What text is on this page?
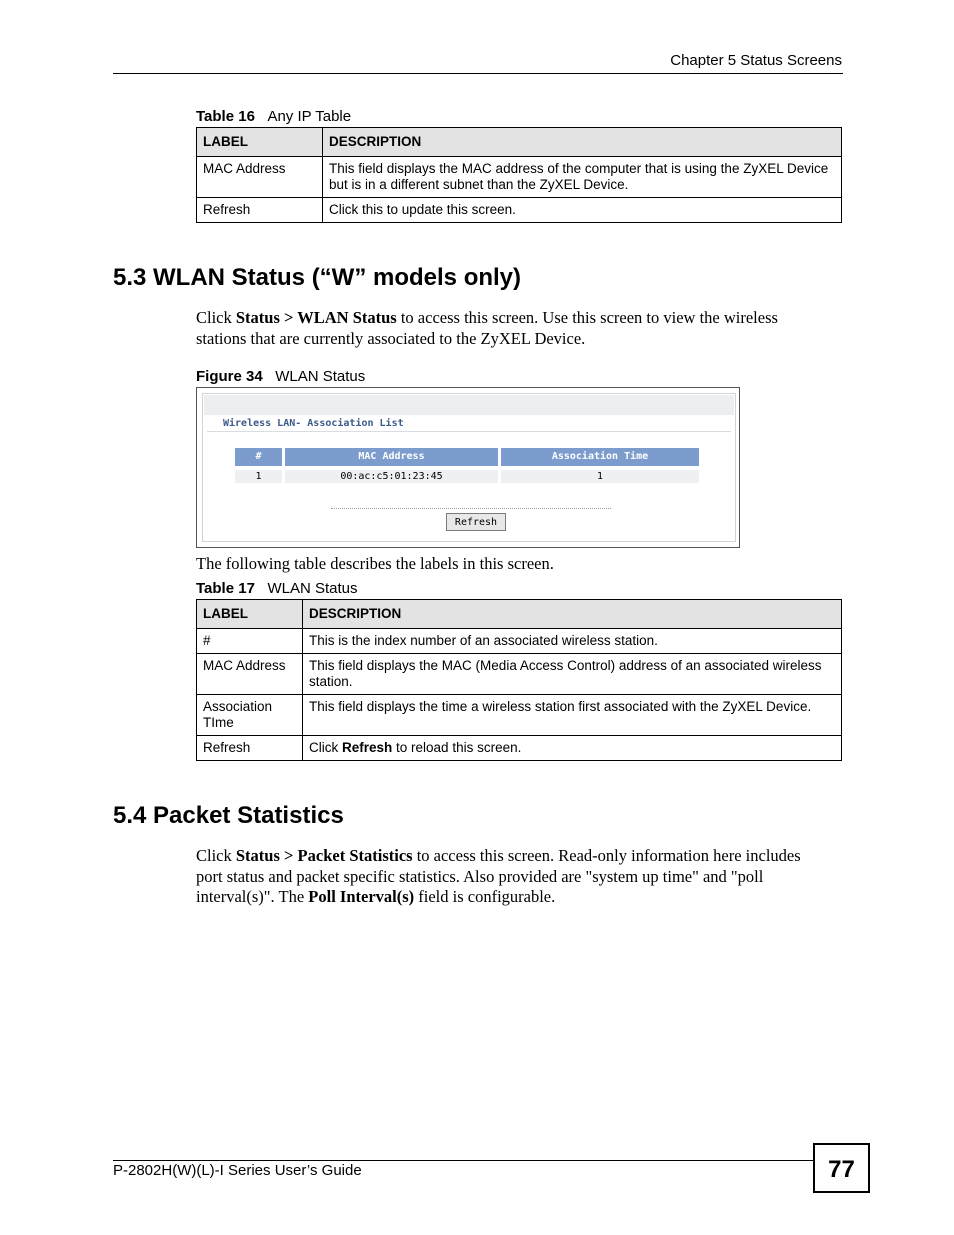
Chapter 5 Status Screens
Table 16 Any IP Table
LABEL	DESCRIPTION
MAC Address	This field displays the MAC address of the computer that is using the ZyXEL Device but is in a different subnet than the ZyXEL Device.
Refresh	Click this to update this screen.
5.3 WLAN Status (“W” models only)

Click Status > WLAN Status to access this screen. Use this screen to view the wireless stations that are currently associated to the ZyXEL Device.

Figure 34 WLAN Status
Wireless LAN- Association List
#	MAC Address	Association Time
1	00:ac:c5:01:23:45	1
Refresh

The following table describes the labels in this screen.

Table 17 WLAN Status
LABEL	DESCRIPTION
#	This is the index number of an associated wireless station.
MAC Address	This field displays the MAC (Media Access Control) address of an associated wireless station.
Association TIme	This field displays the time a wireless station first associated with the ZyXEL Device.
Refresh	Click Refresh to reload this screen.
5.4 Packet Statistics

Click Status > Packet Statistics to access this screen. Read-only information here includes port status and packet specific statistics. Also provided are "system up time" and "poll interval(s)". The Poll Interval(s) field is configurable.

P-2802H(W)(L)-I Series User’s Guide	77
